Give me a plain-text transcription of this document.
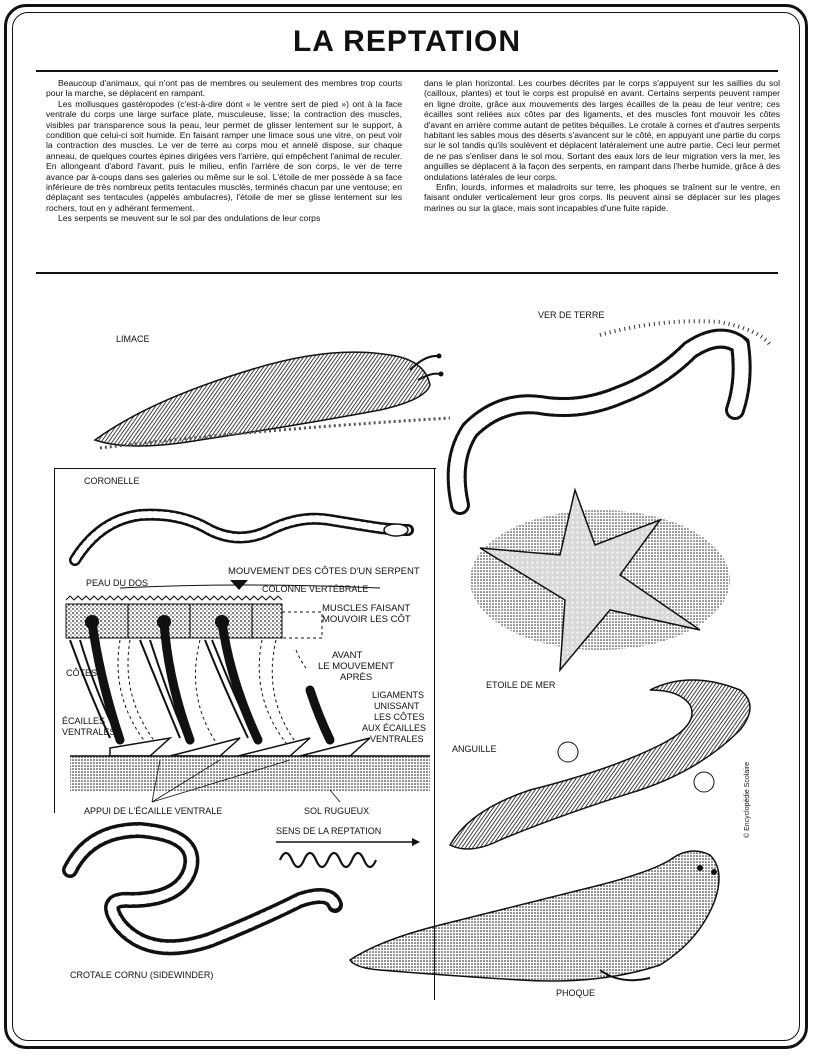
LA REPTATION

Beaucoup d'animaux, qui n'ont pas de membres ou seulement des membres trop courts pour la marche, se déplacent en rampant.

Les mollusques gastéropodes (c'est-à-dire dont « le ventre sert de pied ») ont à la face ventrale du corps une large surface plate, musculeuse, lisse; la contraction des muscles, visibles par transparence sous la peau, leur permet de glisser lentement sur le support, à condition que celui-ci soit humide. En faisant ramper une limace sous une vitre, on peut voir la contraction des muscles. Le ver de terre au corps mou et annelé dispose, sur chaque anneau, de quelques courtes épines dirigées vers l'arrière, qui empêchent l'animal de reculer. En allongeant d'abord l'avant, puis le milieu, enfin l'arrière de son corps, le ver de terre avance par à-coups dans ses galeries ou même sur le sol. L'étoile de mer possède à sa face inférieure de très nombreux petits tentacules musclés, terminés chacun par une ventouse; en déplaçant ses tentacules (appelés ambulacres), l'étoile de mer se glisse lentement sur les rochers, tout en y adhérant fermement.

Les serpents se meuvent sur le sol par des ondulations de leur corps

dans le plan horizontal. Les courbes décrites par le corps s'appuyent sur les saillies du sol (cailloux, plantes) et tout le corps est propulsé en avant. Certains serpents peuvent ramper en ligne droite, grâce aux mouvements des larges écailles de la peau de leur ventre; ces écailles sont reliées aux côtes par des ligaments, et des muscles font mouvoir les côtes d'avant en arrière comme autant de petites béquilles. Le crotale à cornes et d'autres serpents habitant les sables mous des déserts s'avancent sur le côté, en appuyant une partie du corps sur le sol tandis qu'ils soulèvent et déplacent latéralement une autre partie. Ceci leur permet de ne pas s'enliser dans le sol mou. Sortant des eaux lors de leur migration vers la mer, les anguilles se déplacent à la façon des serpents, en rampant dans l'herbe humide, grâce à des ondulations latérales de leur corps.

Enfin, lourds, informes et maladroits sur terre, les phoques se traînent sur le ventre, en faisant onduler verticalement leur gros corps. Ils peuvent ainsi se déplacer sur les plages marines ou sur la glace, mais sont incapables d'une fuite rapide.

LIMACE
VER DE TERRE
CORONELLE
ETOILE DE MER
ANGUILLE
PHOQUE
CROTALE CORNU (SIDEWINDER)
MOUVEMENT DES CÔTES D'UN SERPENT
PEAU DU DOS
COLONNE VERTÉBRALE
MUSCLES FAISANT
MOUVOIR LES CÔT
AVANT
LE MOUVEMENT
APRÈS
CÔTES
LIGAMENTS
UNISSANT
LES CÔTES
AUX ÉCAILLES
VENTRALES
ÉCAILLES
VENTRALES
APPUI DE L'ÉCAILLE VENTRALE	SOL RUGUEUX
SENS DE LA REPTATION	© Encyclopédie Scolaire
